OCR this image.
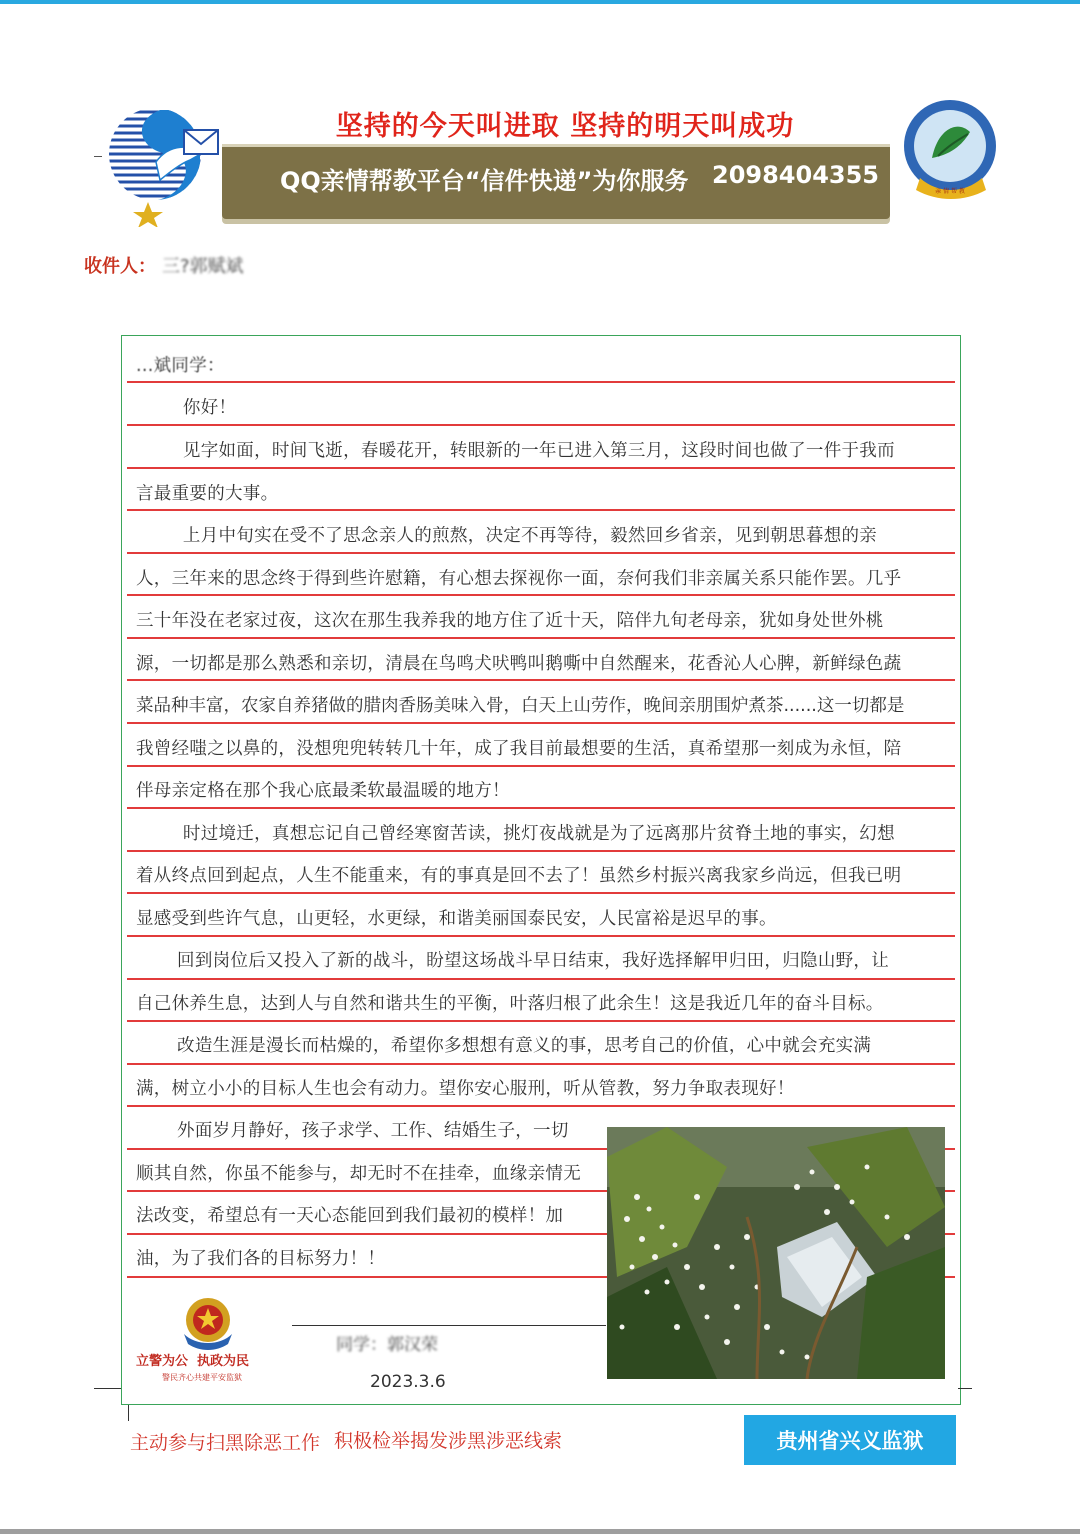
坚持的今天叫进取 坚持的明天叫成功
QQ亲情帮教平台“信件快递”为你服务 2098404355
亲 情 帮 教
收件人： 三?郭赋斌
...斌同学：
你好！
见字如面，时间飞逝，春暖花开，转眼新的一年已进入第三月，这段时间也做了一件于我而
言最重要的大事。
上月中旬实在受不了思念亲人的煎熬，决定不再等待，毅然回乡省亲，见到朝思暮想的亲
人，三年来的思念终于得到些许慰籍，有心想去探视你一面，奈何我们非亲属关系只能作罢。几乎
三十年没在老家过夜，这次在那生我养我的地方住了近十天，陪伴九旬老母亲，犹如身处世外桃
源，一切都是那么熟悉和亲切，清晨在鸟鸣犬吠鸭叫鹅嘶中自然醒来，花香沁人心脾，新鲜绿色蔬
菜品种丰富，农家自养猪做的腊肉香肠美味入骨，白天上山劳作，晚间亲朋围炉煮茶......这一切都是
我曾经嗤之以鼻的，没想兜兜转转几十年，成了我目前最想要的生活，真希望那一刻成为永恒，陪
伴母亲定格在那个我心底最柔软最温暖的地方！
时过境迁，真想忘记自己曾经寒窗苦读，挑灯夜战就是为了远离那片贫脊土地的事实，幻想
着从终点回到起点，人生不能重来，有的事真是回不去了！虽然乡村振兴离我家乡尚远，但我已明
显感受到些许气息，山更轻，水更绿，和谐美丽国泰民安，人民富裕是迟早的事。
回到岗位后又投入了新的战斗，盼望这场战斗早日结束，我好选择解甲归田，归隐山野，让
自己休养生息，达到人与自然和谐共生的平衡，叶落归根了此余生！这是我近几年的奋斗目标。
改造生涯是漫长而枯燥的，希望你多想想有意义的事，思考自己的价值，心中就会充实满
满，树立小小的目标人生也会有动力。望你安心服刑，听从管教，努力争取表现好！
外面岁月静好，孩子求学、工作、结婚生子，一切
顺其自然，你虽不能参与，却无时不在挂牵，血缘亲情无
法改变，希望总有一天心态能回到我们最初的模样！加
油，为了我们各的目标努力！！
立警为公  执政为民
警民齐心共建平安监狱
同学：郭汉荣
2023.3.6
主动参与扫黑除恶工作 积极检举揭发涉黑涉恶线索	贵州省兴义监狱
